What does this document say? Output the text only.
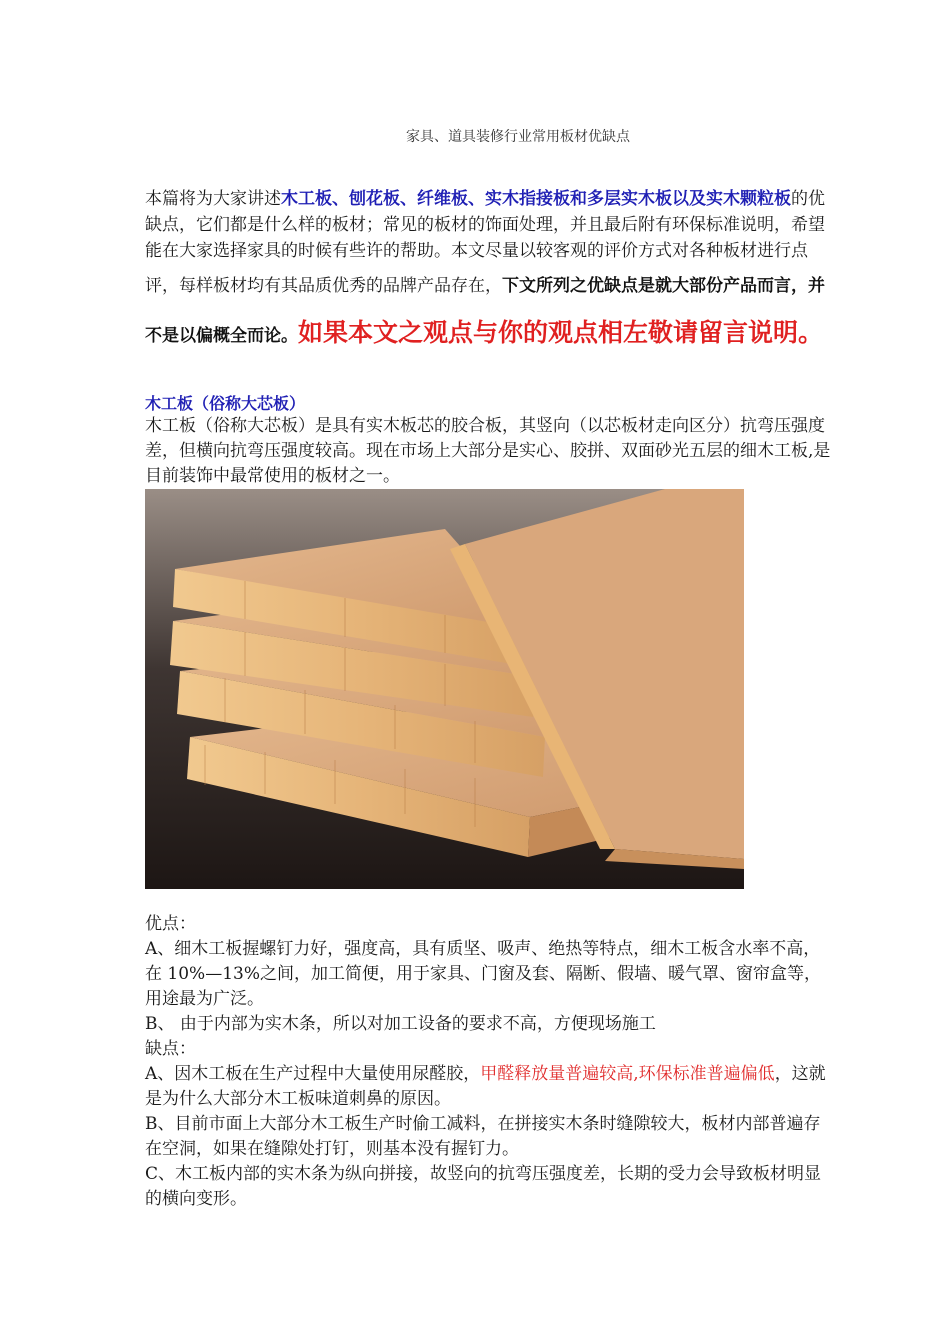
家具、道具装修行业常用板材优缺点

本篇将为大家讲述木工板、刨花板、纤维板、实木指接板和多层实木板以及实木颗粒板的优缺点，它们都是什么样的板材；常见的板材的饰面处理，并且最后附有环保标准说明，希望能在大家选择家具的时候有些许的帮助。本文尽量以较客观的评价方式对各种板材进行点评，每样板材均有其品质优秀的品牌产品存在，下文所列之优缺点是就大部份产品而言，并不是以偏概全而论。如果本文之观点与你的观点相左敬请留言说明。

木工板（俗称大芯板）

木工板（俗称大芯板）是具有实木板芯的胶合板，其竖向（以芯板材走向区分）抗弯压强度差，但横向抗弯压强度较高。现在市场上大部分是实心、胶拼、双面砂光五层的细木工板,是目前装饰中最常使用的板材之一。

优点：

A、细木工板握螺钉力好，强度高，具有质坚、吸声、绝热等特点，细木工板含水率不高，在 10%—13%之间，加工简便，用于家具、门窗及套、隔断、假墙、暖气罩、窗帘盒等，用途最为广泛。

B、 由于内部为实木条，所以对加工设备的要求不高，方便现场施工

缺点：

A、因木工板在生产过程中大量使用尿醛胶，甲醛释放量普遍较高,环保标准普遍偏低，这就是为什么大部分木工板味道刺鼻的原因。

B、目前市面上大部分木工板生产时偷工减料，在拼接实木条时缝隙较大，板材内部普遍存在空洞，如果在缝隙处打钉，则基本没有握钉力。

C、木工板内部的实木条为纵向拼接，故竖向的抗弯压强度差，长期的受力会导致板材明显的横向变形。
